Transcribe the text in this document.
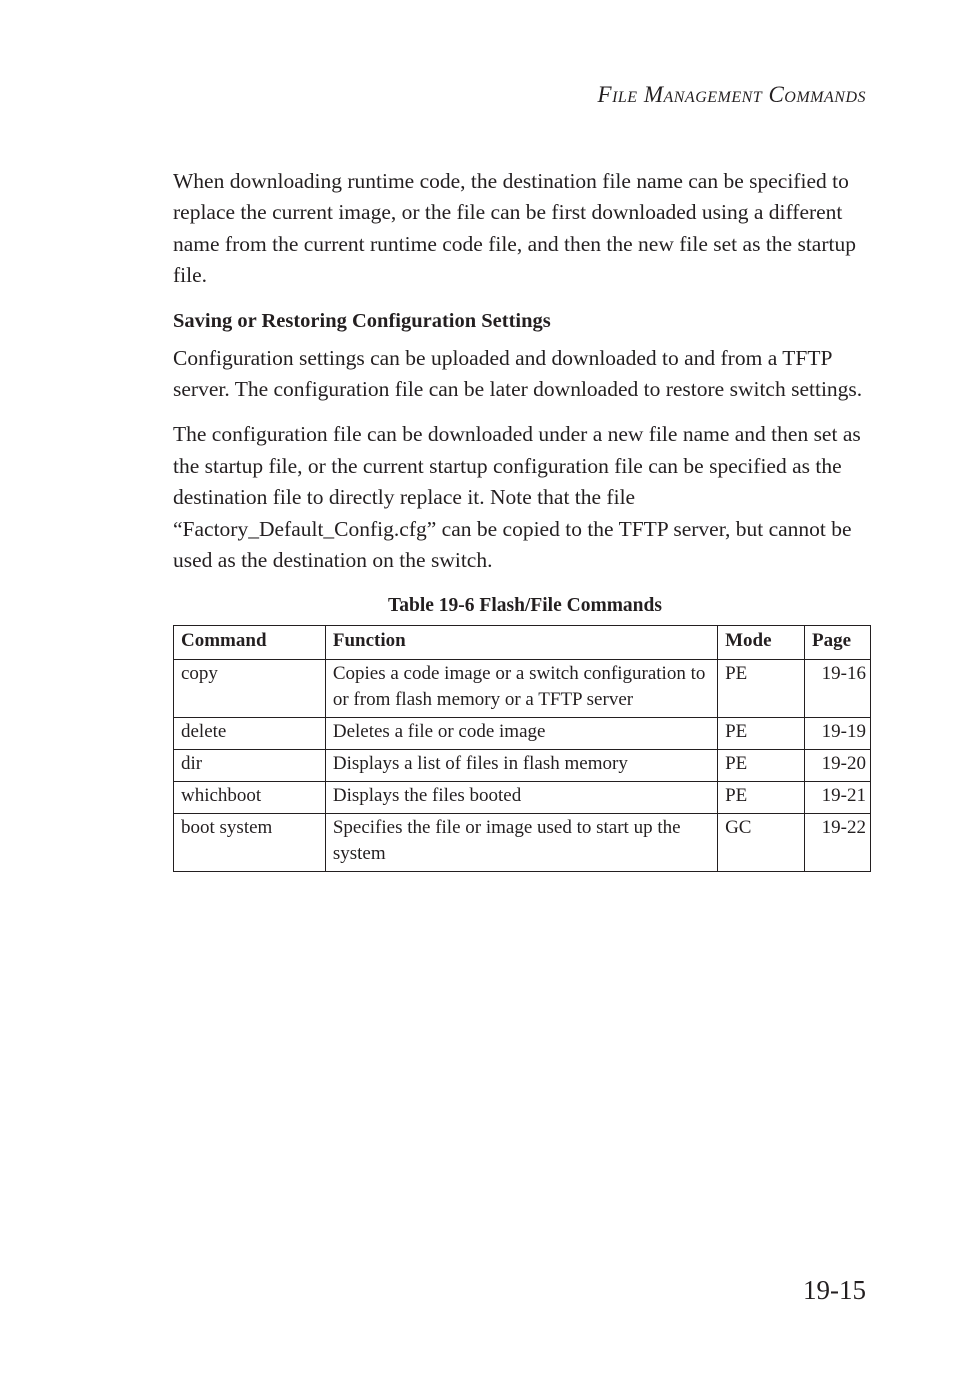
File Management Commands

When downloading runtime code, the destination file name can be specified to replace the current image, or the file can be first downloaded using a different name from the current runtime code file, and then the new file set as the startup file.

Saving or Restoring Configuration Settings

Configuration settings can be uploaded and downloaded to and from a TFTP server. The configuration file can be later downloaded to restore switch settings.

The configuration file can be downloaded under a new file name and then set as the startup file, or the current startup configuration file can be specified as the destination file to directly replace it. Note that the file “Factory_Default_Config.cfg” can be copied to the TFTP server, but cannot be used as the destination on the switch.

Table 19-6 Flash/File Commands
Command	Function	Mode	Page
copy	Copies a code image or a switch configuration to or from flash memory or a TFTP server	PE	19-16
delete	Deletes a file or code image	PE	19-19
dir	Displays a list of files in flash memory	PE	19-20
whichboot	Displays the files booted	PE	19-21
boot system	Specifies the file or image used to start up the system	GC	19-22
19-15
